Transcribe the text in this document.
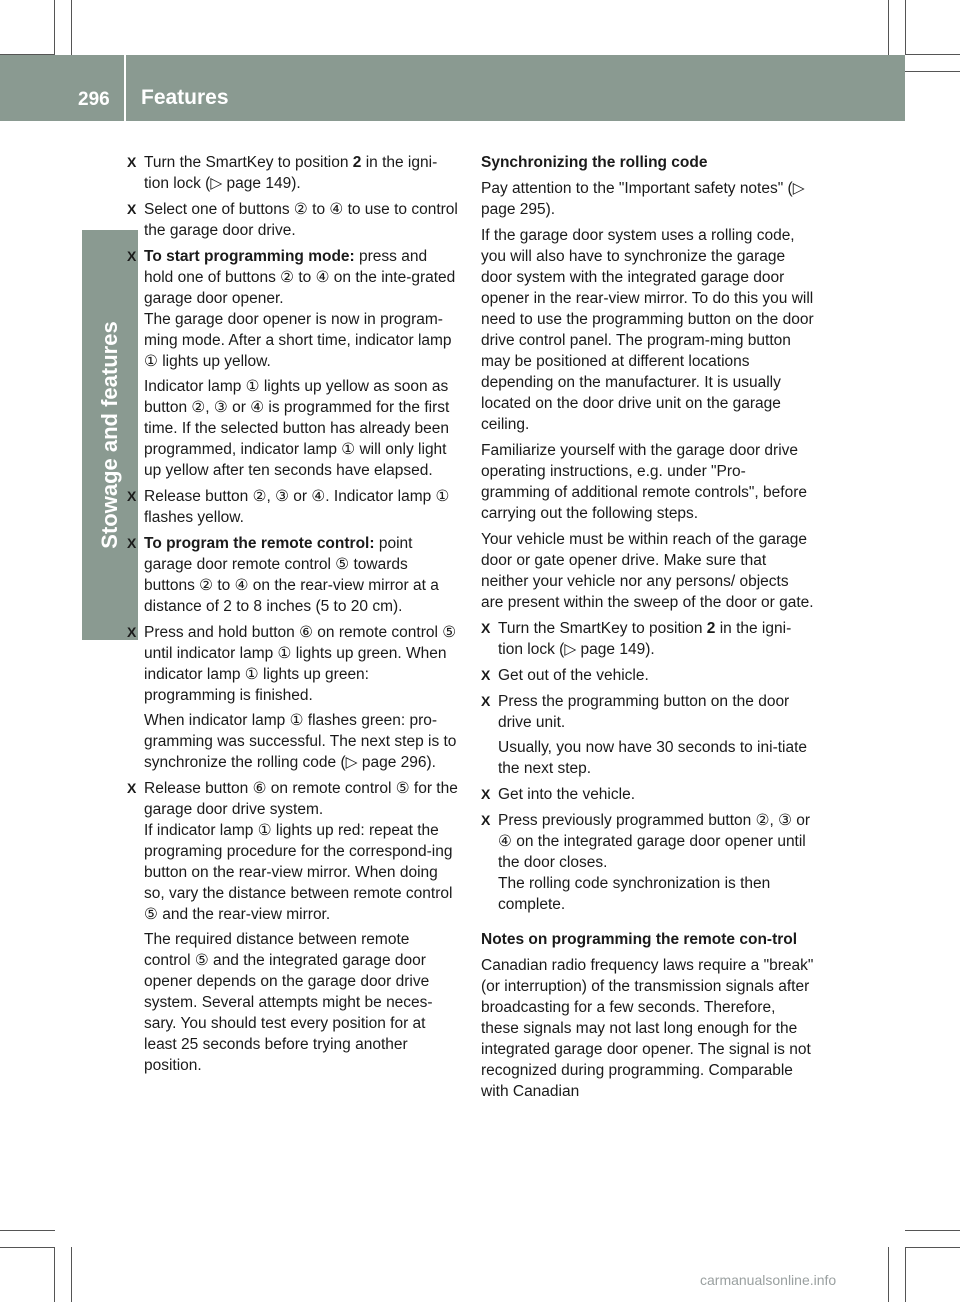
296 Features
Stowage and features
X Turn the SmartKey to position 2 in the igni-tion lock (▷ page 149).

X Select one of buttons ② to ④ to use to control the garage door drive.

X To start programming mode: press and hold one of buttons ② to ④ on the inte-grated garage door opener.
The garage door opener is now in program-ming mode. After a short time, indicator lamp ① lights up yellow.

Indicator lamp ① lights up yellow as soon as button ②, ③ or ④ is programmed for the first time. If the selected button has already been programmed, indicator lamp ① will only light up yellow after ten seconds have elapsed.

X Release button ②, ③ or ④. Indicator lamp ① flashes yellow.

X To program the remote control: point garage door remote control ⑤ towards buttons ② to ④ on the rear-view mirror at a distance of 2 to 8 inches (5 to 20 cm).

X Press and hold button ⑥ on remote control ⑤ until indicator lamp ① lights up green. When indicator lamp ① lights up green: programming is finished.

When indicator lamp ① flashes green: pro-gramming was successful. The next step is to synchronize the rolling code (▷ page 296).

X Release button ⑥ on remote control ⑤ for the garage door drive system.
If indicator lamp ① lights up red: repeat the programing procedure for the correspond-ing button on the rear-view mirror. When doing so, vary the distance between remote control ⑤ and the rear-view mirror.

The required distance between remote control ⑤ and the integrated garage door opener depends on the garage door drive system. Several attempts might be neces-sary. You should test every position for at least 25 seconds before trying another position.

Synchronizing the rolling code

Pay attention to the "Important safety notes" (▷ page 295).

If the garage door system uses a rolling code, you will also have to synchronize the garage door system with the integrated garage door opener in the rear-view mirror. To do this you will need to use the programming button on the door drive control panel. The program-ming button may be positioned at different locations depending on the manufacturer. It is usually located on the door drive unit on the garage ceiling.

Familiarize yourself with the garage door drive operating instructions, e.g. under "Pro-gramming of additional remote controls", before carrying out the following steps.

Your vehicle must be within reach of the garage door or gate opener drive. Make sure that neither your vehicle nor any persons/ objects are present within the sweep of the door or gate.

X Turn the SmartKey to position 2 in the igni-tion lock (▷ page 149).

X Get out of the vehicle.

X Press the programming button on the door drive unit.

Usually, you now have 30 seconds to ini-tiate the next step.

X Get into the vehicle.

X Press previously programmed button ②, ③ or ④ on the integrated garage door opener until the door closes.
The rolling code synchronization is then complete.

Notes on programming the remote con-trol

Canadian radio frequency laws require a "break" (or interruption) of the transmission signals after broadcasting for a few seconds. Therefore, these signals may not last long enough for the integrated garage door opener. The signal is not recognized during programming. Comparable with Canadian

carmanualsonline.info
